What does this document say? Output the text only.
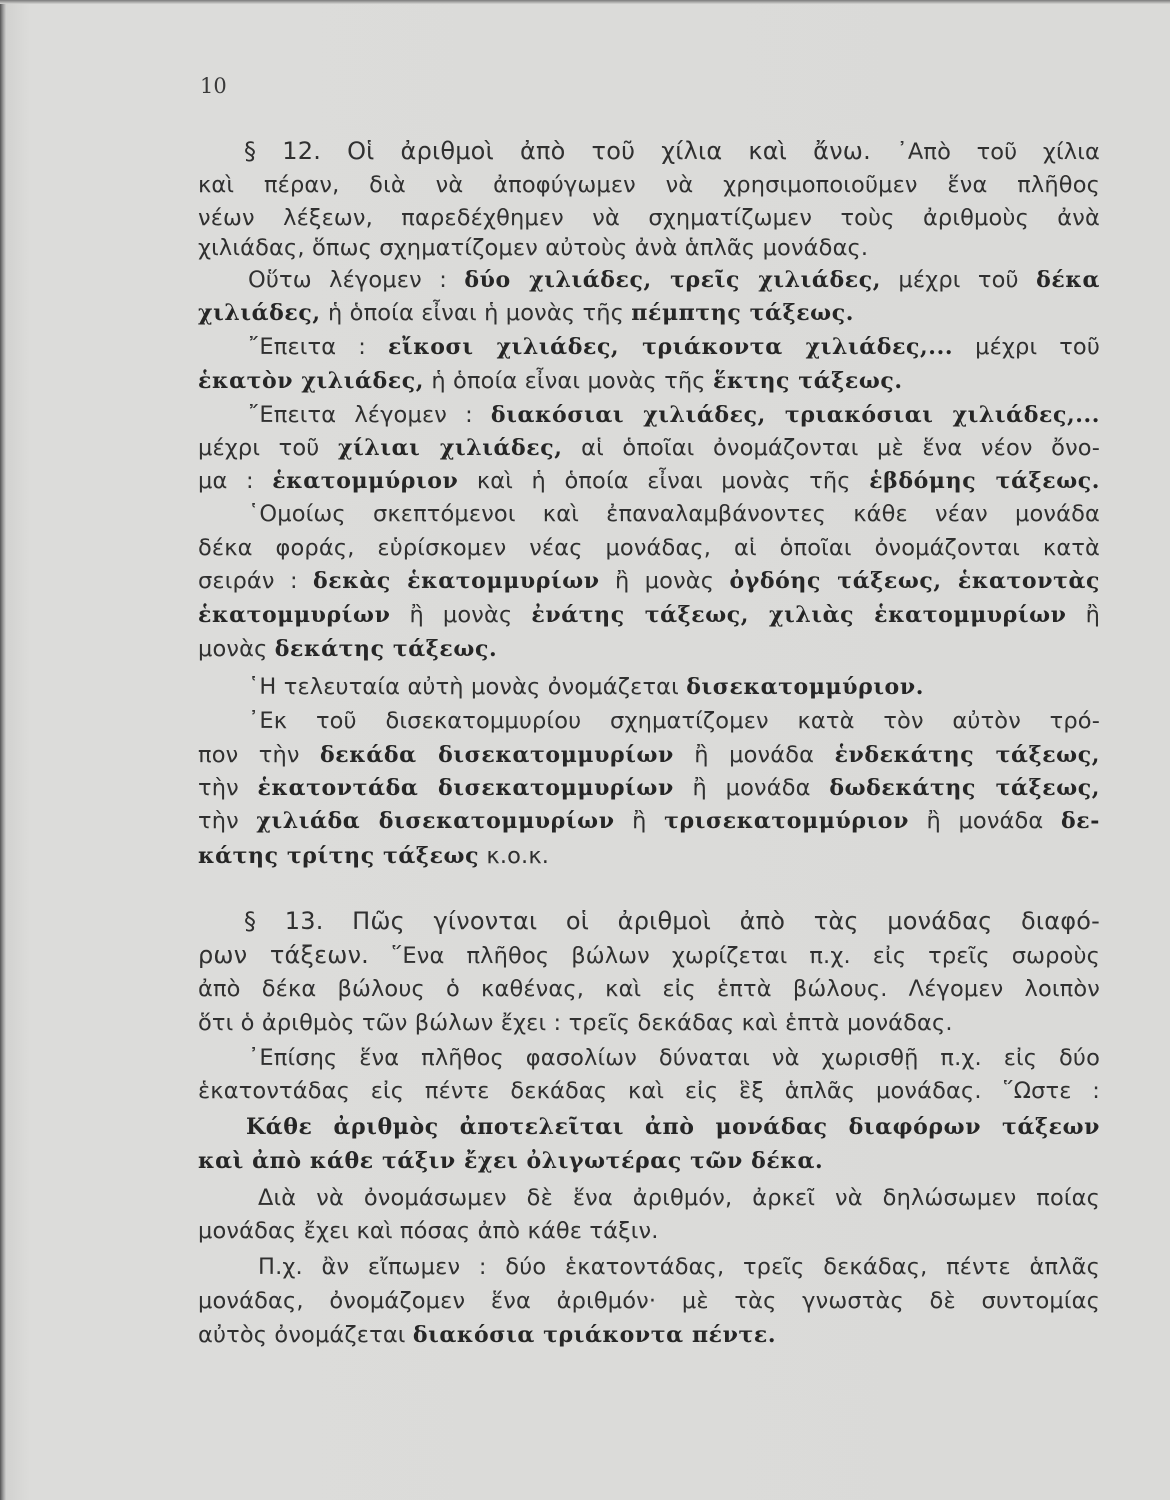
10
§ 12. Οἱ ἀριθμοὶ ἀπὸ τοῦ χίλια καὶ ἄνω. ᾿Απὸ τοῦ χίλια
καὶ πέραν, διὰ νὰ ἀποφύγωμεν νὰ χρησιμοποιοῦμεν ἕνα πλῆθος
νέων λέξεων, παρεδέχθημεν νὰ σχηματίζωμεν τοὺς ἀριθμοὺς ἀνὰ
χιλιάδας, ὅπως σχηματίζομεν αὐτοὺς ἀνὰ ἁπλᾶς μονάδας.
Οὕτω λέγομεν : δύο χιλιάδες, τρεῖς χιλιάδες, μέχρι τοῦ δέκα
χιλιάδες, ἡ ὁποία εἶναι ἡ μονὰς τῆς πέμπτης τάξεως.
῎Επειτα : εἴκοσι χιλιάδες, τριάκοντα χιλιάδες,... μέχρι τοῦ
ἑκατὸν χιλιάδες, ἡ ὁποία εἶναι μονὰς τῆς ἕκτης τάξεως.
῎Επειτα λέγομεν : διακόσιαι χιλιάδες, τριακόσιαι χιλιάδες,...
μέχρι τοῦ χίλιαι χιλιάδες, αἱ ὁποῖαι ὀνομάζονται μὲ ἕνα νέον ὄνο-
μα : ἑκατομμύριον καὶ ἡ ὁποία εἶναι μονὰς τῆς ἑβδόμης τάξεως.
῾Ομοίως σκεπτόμενοι καὶ ἐπαναλαμβάνοντες κάθε νέαν μονάδα
δέκα φοράς, εὑρίσκομεν νέας μονάδας, αἱ ὁποῖαι ὀνομάζονται κατὰ
σειράν : δεκὰς ἑκατομμυρίων ἢ μονὰς ὀγδόης τάξεως, ἑκατοντὰς
ἑκατομμυρίων ἢ μονὰς ἐνάτης τάξεως, χιλιὰς ἑκατομμυρίων ἢ
μονὰς δεκάτης τάξεως.
῾Η τελευταία αὐτὴ μονὰς ὀνομάζεται δισεκατομμύριον.
᾿Εκ τοῦ δισεκατομμυρίου σχηματίζομεν κατὰ τὸν αὐτὸν τρό-
πον τὴν δεκάδα δισεκατομμυρίων ἢ μονάδα ἑνδεκάτης τάξεως,
τὴν ἑκατοντάδα δισεκατομμυρίων ἢ μονάδα δωδεκάτης τάξεως,
τὴν χιλιάδα δισεκατομμυρίων ἢ τρισεκατομμύριον ἢ μονάδα δε-
κάτης τρίτης τάξεως κ.ο.κ.
§ 13. Πῶς γίνονται οἱ ἀριθμοὶ ἀπὸ τὰς μονάδας διαφό-
ρων τάξεων. ῞Ενα πλῆθος βώλων χωρίζεται π.χ. εἰς τρεῖς σωροὺς
ἀπὸ δέκα βώλους ὁ καθένας, καὶ εἰς ἑπτὰ βώλους. Λέγομεν λοιπὸν
ὅτι ὁ ἀριθμὸς τῶν βώλων ἔχει : τρεῖς δεκάδας καὶ ἑπτὰ μονάδας.
᾿Επίσης ἕνα πλῆθος φασολίων δύναται νὰ χωρισθῇ π.χ. εἰς δύο
ἑκατοντάδας εἰς πέντε δεκάδας καὶ εἰς ἓξ ἁπλᾶς μονάδας. ῞Ωστε :
Κάθε ἀριθμὸς ἀποτελεῖται ἀπὸ μονάδας διαφόρων τάξεων
καὶ ἀπὸ κάθε τάξιν ἔχει ὀλιγωτέρας τῶν δέκα.
Διὰ νὰ ὀνομάσωμεν δὲ ἕνα ἀριθμόν, ἀρκεῖ νὰ δηλώσωμεν ποίας
μονάδας ἔχει καὶ πόσας ἀπὸ κάθε τάξιν.
Π.χ. ἂν εἴπωμεν : δύο ἑκατοντάδας, τρεῖς δεκάδας, πέντε ἁπλᾶς
μονάδας, ὀνομάζομεν ἕνα ἀριθμόν· μὲ τὰς γνωστὰς δὲ συντομίας
αὐτὸς ὀνομάζεται διακόσια τριάκοντα πέντε.
